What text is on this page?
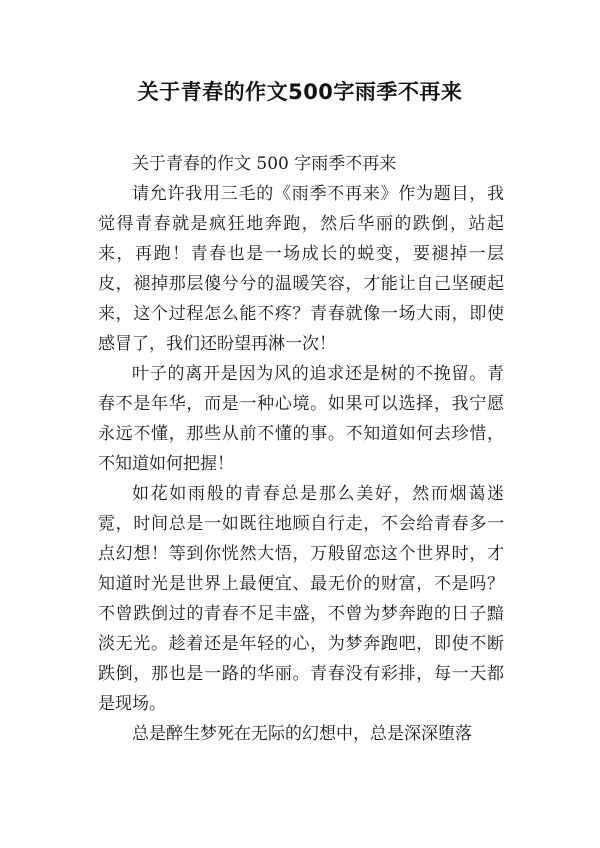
关于青春的作文500字雨季不再来

关于青春的作文 500 字雨季不再来

请允许我用三毛的《雨季不再来》作为题目，我觉得青春就是疯狂地奔跑，然后华丽的跌倒，站起来，再跑！青春也是一场成长的蜕变，要褪掉一层皮，褪掉那层傻兮兮的温暖笑容，才能让自己坚硬起来，这个过程怎么能不疼？青春就像一场大雨，即使感冒了，我们还盼望再淋一次！

叶子的离开是因为风的追求还是树的不挽留。青春不是年华，而是一种心境。如果可以选择，我宁愿永远不懂，那些从前不懂的事。不知道如何去珍惜，不知道如何把握！

如花如雨般的青春总是那么美好，然而烟蔼迷霓，时间总是一如既往地顾自行走，不会给青春多一点幻想！等到你恍然大悟，万般留恋这个世界时，才知道时光是世界上最便宜、最无价的财富，不是吗？不曾跌倒过的青春不足丰盛，不曾为梦奔跑的日子黯淡无光。趁着还是年轻的心，为梦奔跑吧，即使不断跌倒，那也是一路的华丽。青春没有彩排，每一天都是现场。

总是醉生梦死在无际的幻想中，总是深深堕落
